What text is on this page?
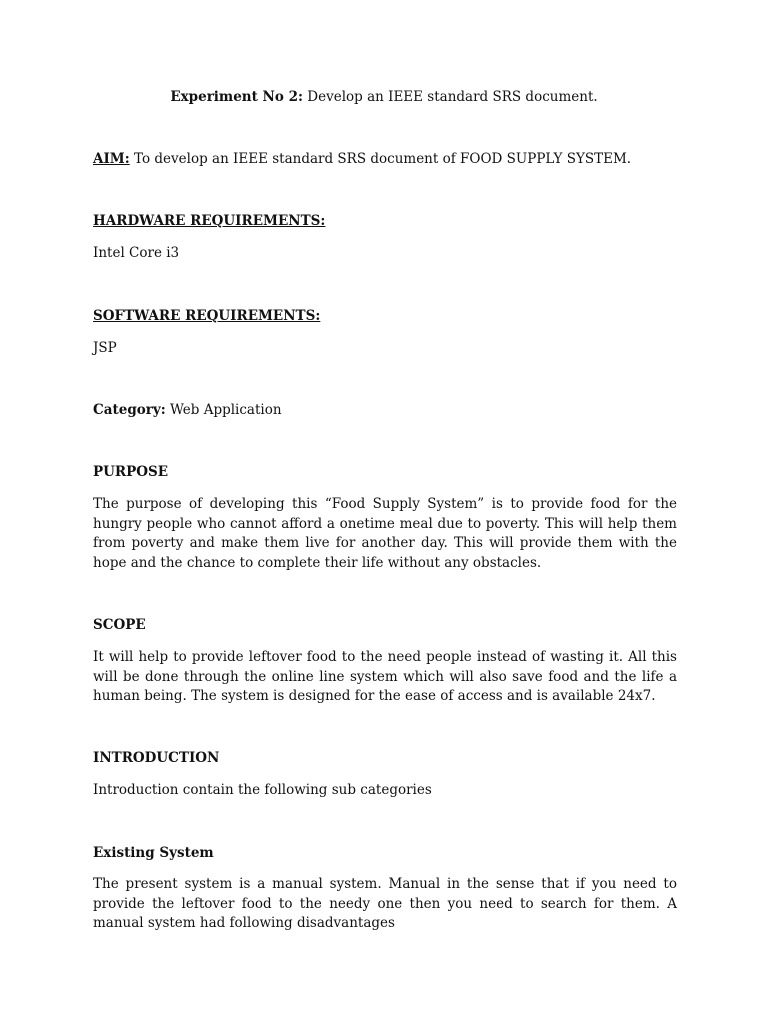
Experiment No 2: Develop an IEEE standard SRS document.
AIM: To develop an IEEE standard SRS document of FOOD SUPPLY SYSTEM.
HARDWARE REQUIREMENTS:
Intel Core i3
SOFTWARE REQUIREMENTS:
JSP
Category: Web Application
PURPOSE
The purpose of developing this “Food Supply System” is to provide food for the hungry people who cannot afford a onetime meal due to poverty. This will help them from poverty and make them live for another day. This will provide them with the hope and the chance to complete their life without any obstacles.
SCOPE
It will help to provide leftover food to the need people instead of wasting it. All this will be done through the online line system which will also save food and the life a human being. The system is designed for the ease of access and is available 24x7.
INTRODUCTION
Introduction contain the following sub categories
Existing System
The present system is a manual system. Manual in the sense that if you need to provide the leftover food to the needy one then you need to search for them. A manual system had following disadvantages
